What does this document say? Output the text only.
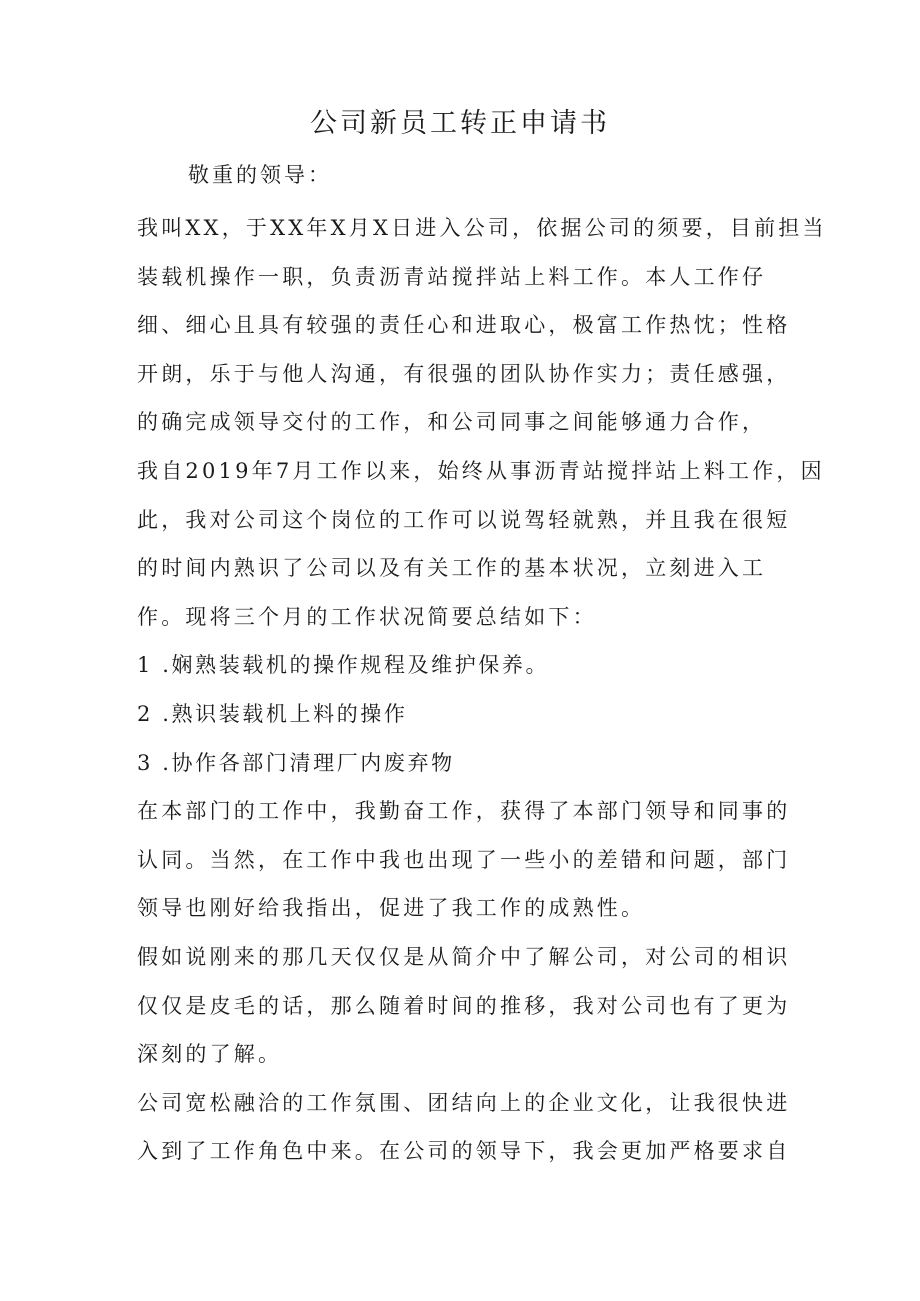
公司新员工转正申请书

敬重的领导：

我叫XX，于XX年X月X日进入公司，依据公司的须要，目前担当
装载机操作一职，负责沥青站搅拌站上料工作。本人工作仔
细、细心且具有较强的责任心和进取心，极富工作热忱；性格
开朗，乐于与他人沟通，有很强的团队协作实力；责任感强，
的确完成领导交付的工作，和公司同事之间能够通力合作，
我自2019年7月工作以来，始终从事沥青站搅拌站上料工作，因
此，我对公司这个岗位的工作可以说驾轻就熟，并且我在很短
的时间内熟识了公司以及有关工作的基本状况，立刻进入工
作。现将三个月的工作状况简要总结如下：
1 .娴熟装载机的操作规程及维护保养。
2 .熟识装载机上料的操作
3 .协作各部门清理厂内废弃物
在本部门的工作中，我勤奋工作，获得了本部门领导和同事的
认同。当然，在工作中我也出现了一些小的差错和问题，部门
领导也刚好给我指出，促进了我工作的成熟性。
假如说刚来的那几天仅仅是从简介中了解公司，对公司的相识
仅仅是皮毛的话，那么随着时间的推移，我对公司也有了更为
深刻的了解。
公司宽松融洽的工作氛围、团结向上的企业文化，让我很快进
入到了工作角色中来。在公司的领导下，我会更加严格要求自
